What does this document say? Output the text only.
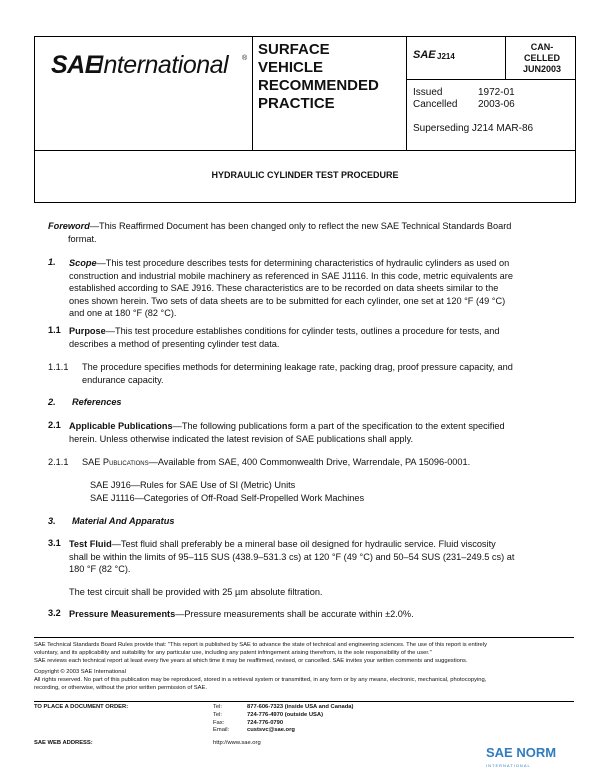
SAE
International ®
SURFACE
VEHICLE
RECOMMENDED
PRACTICE
SAE J214
CAN-
CELLED
JUN2003
Issued	1972-01
Cancelled 2003-06
Superseding J214 MAR-86
HYDRAULIC CYLINDER TEST PROCEDURE
Foreword—This Reaffirmed Document has been changed only to reflect the new SAE Technical Standards Board
format.
1. Scope—This test procedure describes tests for determining characteristics of hydraulic cylinders as used on
construction and industrial mobile machinery as referenced in SAE J1116. In this code, metric equivalents are
established according to SAE J916. These characteristics are to be recorded on data sheets similar to the
ones shown herein. Two sets of data sheets are to be submitted for each cylinder, one set at 120 °F (49 °C)
and one at 180 °F (82 °C).
1.1 Purpose—This test procedure establishes conditions for cylinder tests, outlines a procedure for tests, and
describes a method of presenting cylinder test data.
1.1.1 The procedure specifies methods for determining leakage rate, packing drag, proof pressure capacity, and
endurance capacity.
2. References
2.1 Applicable Publications—The following publications form a part of the specification to the extent specified
herein. Unless otherwise indicated the latest revision of SAE publications shall apply.
2.1.1 SAE Publications—Available from SAE, 400 Commonwealth Drive, Warrendale, PA 15096-0001.
SAE J916—Rules for SAE Use of SI (Metric) Units
SAE J1116—Categories of Off-Road Self-Propelled Work Machines
3. Material And Apparatus
3.1 Test Fluid—Test fluid shall preferably be a mineral base oil designed for hydraulic service. Fluid viscosity
shall be within the limits of 95–115 SUS (438.9–531.3 cs) at 120 °F (49 °C) and 50–54 SUS (231–249.5 cs) at
180 °F (82 °C).
The test circuit shall be provided with 25 µm absolute filtration.
3.2 Pressure Measurements—Pressure measurements shall be accurate within ±2.0%.
SAE Technical Standards Board Rules provide that: "This report is published by SAE to advance the state of technical and engineering sciences. The use of this report is entirely
voluntary, and its applicability and suitability for any particular use, including any patent infringement arising therefrom, is the sole responsibility of the user."
SAE reviews each technical report at least every five years at which time it may be reaffirmed, revised, or cancelled. SAE invites your written comments and suggestions.
Copyright © 2003 SAE International
All rights reserved. No part of this publication may be reproduced, stored in a retrieval system or transmitted, in any form or by any means, electronic, mechanical, photocopying,
recording, or otherwise, without the prior written permission of SAE.
TO PLACE A DOCUMENT ORDER:	Tel:	877-606-7323 (inside USA and Canada)
Tel:	724-776-4970 (outside USA)
Fax:	724-776-0790
Email:	custsvc@sae.org
SAE WEB ADDRESS:	http://www.sae.org
SAE NORM
INTERNATIONAL
